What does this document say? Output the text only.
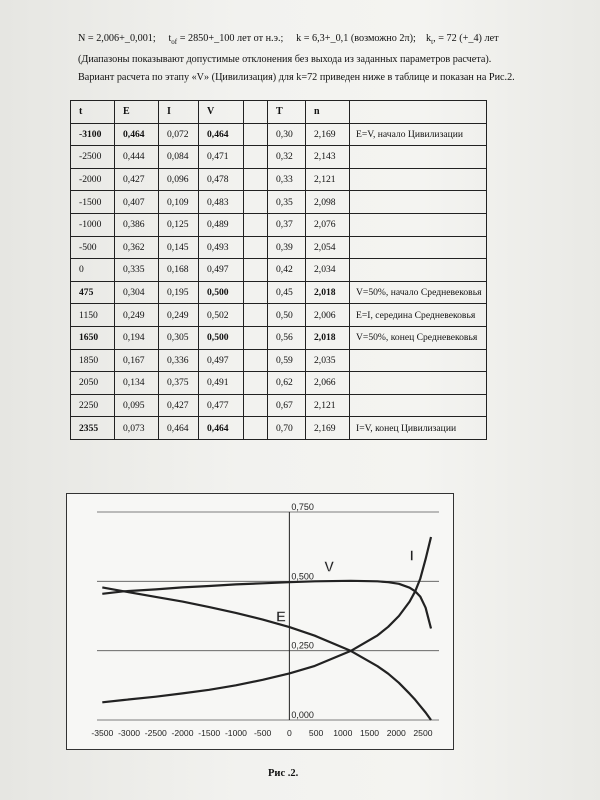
N = 2,006+_0,001; $t_{of}$ = 2850+_100 лет от н.э.; k = 6,3+_0,1 (возможно 2π); $k_t$, = 72 (+_4) лет
(Диапазоны показывают допустимые отклонения без выхода из заданных параметров расчета).
Вариант расчета по этапу «V» (Цивилизация) для k=72 приведен ниже в таблице и показан на Рис.2.
t	E	I	V		T	n	
-3100	0,464	0,072	0,464		0,30	2,169	E=V, начало Цивилизации
-2500	0,444	0,084	0,471		0,32	2,143	
-2000	0,427	0,096	0,478		0,33	2,121	
-1500	0,407	0,109	0,483		0,35	2,098	
-1000	0,386	0,125	0,489		0,37	2,076	
-500	0,362	0,145	0,493		0,39	2,054	
0	0,335	0,168	0,497		0,42	2,034	
475	0,304	0,195	0,500		0,45	2,018	V=50%, начало Средневековья
1150	0,249	0,249	0,502		0,50	2,006	E=I, середина Средневековья
1650	0,194	0,305	0,500		0,56	2,018	V=50%, конец Средневековья
1850	0,167	0,336	0,497		0,59	2,035	
2050	0,134	0,375	0,491		0,62	2,066	
2250	0,095	0,427	0,477		0,67	2,121	
2355	0,073	0,464	0,464		0,70	2,169	I=V, конец Цивилизации
0,000
0,250
0,500
0,750
-3500 -3000 -2500 -2000 -1500 -1000 -500 0 500 1000 1500 2000 2500
V
E
I
Рис .2.
